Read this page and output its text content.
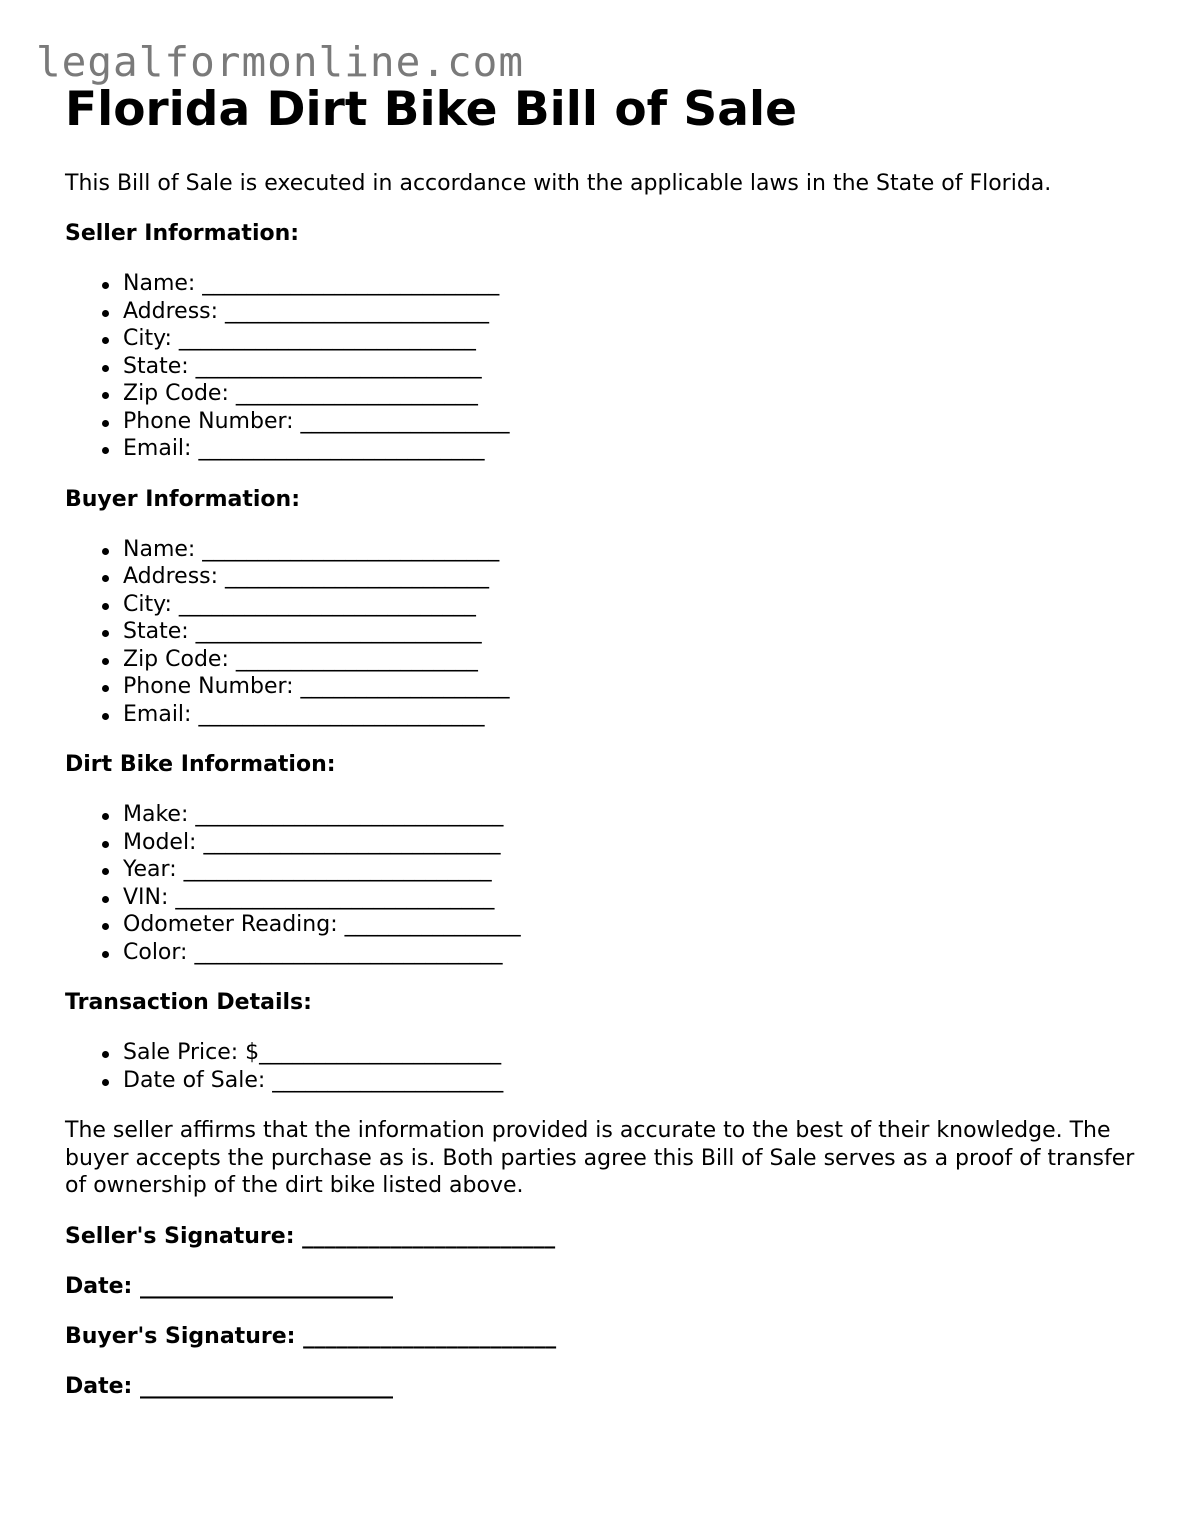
legalformonline.com
Florida Dirt Bike Bill of Sale

This Bill of Sale is executed in accordance with the applicable laws in the State of Florida.

Seller Information:
Name: ___________________________
Address: ________________________
City: ___________________________
State: __________________________
Zip Code: ______________________
Phone Number: ___________________
Email: __________________________
Buyer Information:
Name: ___________________________
Address: ________________________
City: ___________________________
State: __________________________
Zip Code: ______________________
Phone Number: ___________________
Email: __________________________
Dirt Bike Information:
Make: ____________________________
Model: ___________________________
Year: ____________________________
VIN: _____________________________
Odometer Reading: ________________
Color: ____________________________
Transaction Details:
Sale Price: $______________________
Date of Sale: _____________________

The seller affirms that the information provided is accurate to the best of their knowledge. The buyer accepts the purchase as is. Both parties agree this Bill of Sale serves as a proof of transfer of ownership of the dirt bike listed above.

Seller's Signature: _______________________
Date: _______________________
Buyer's Signature: _______________________
Date: _______________________
